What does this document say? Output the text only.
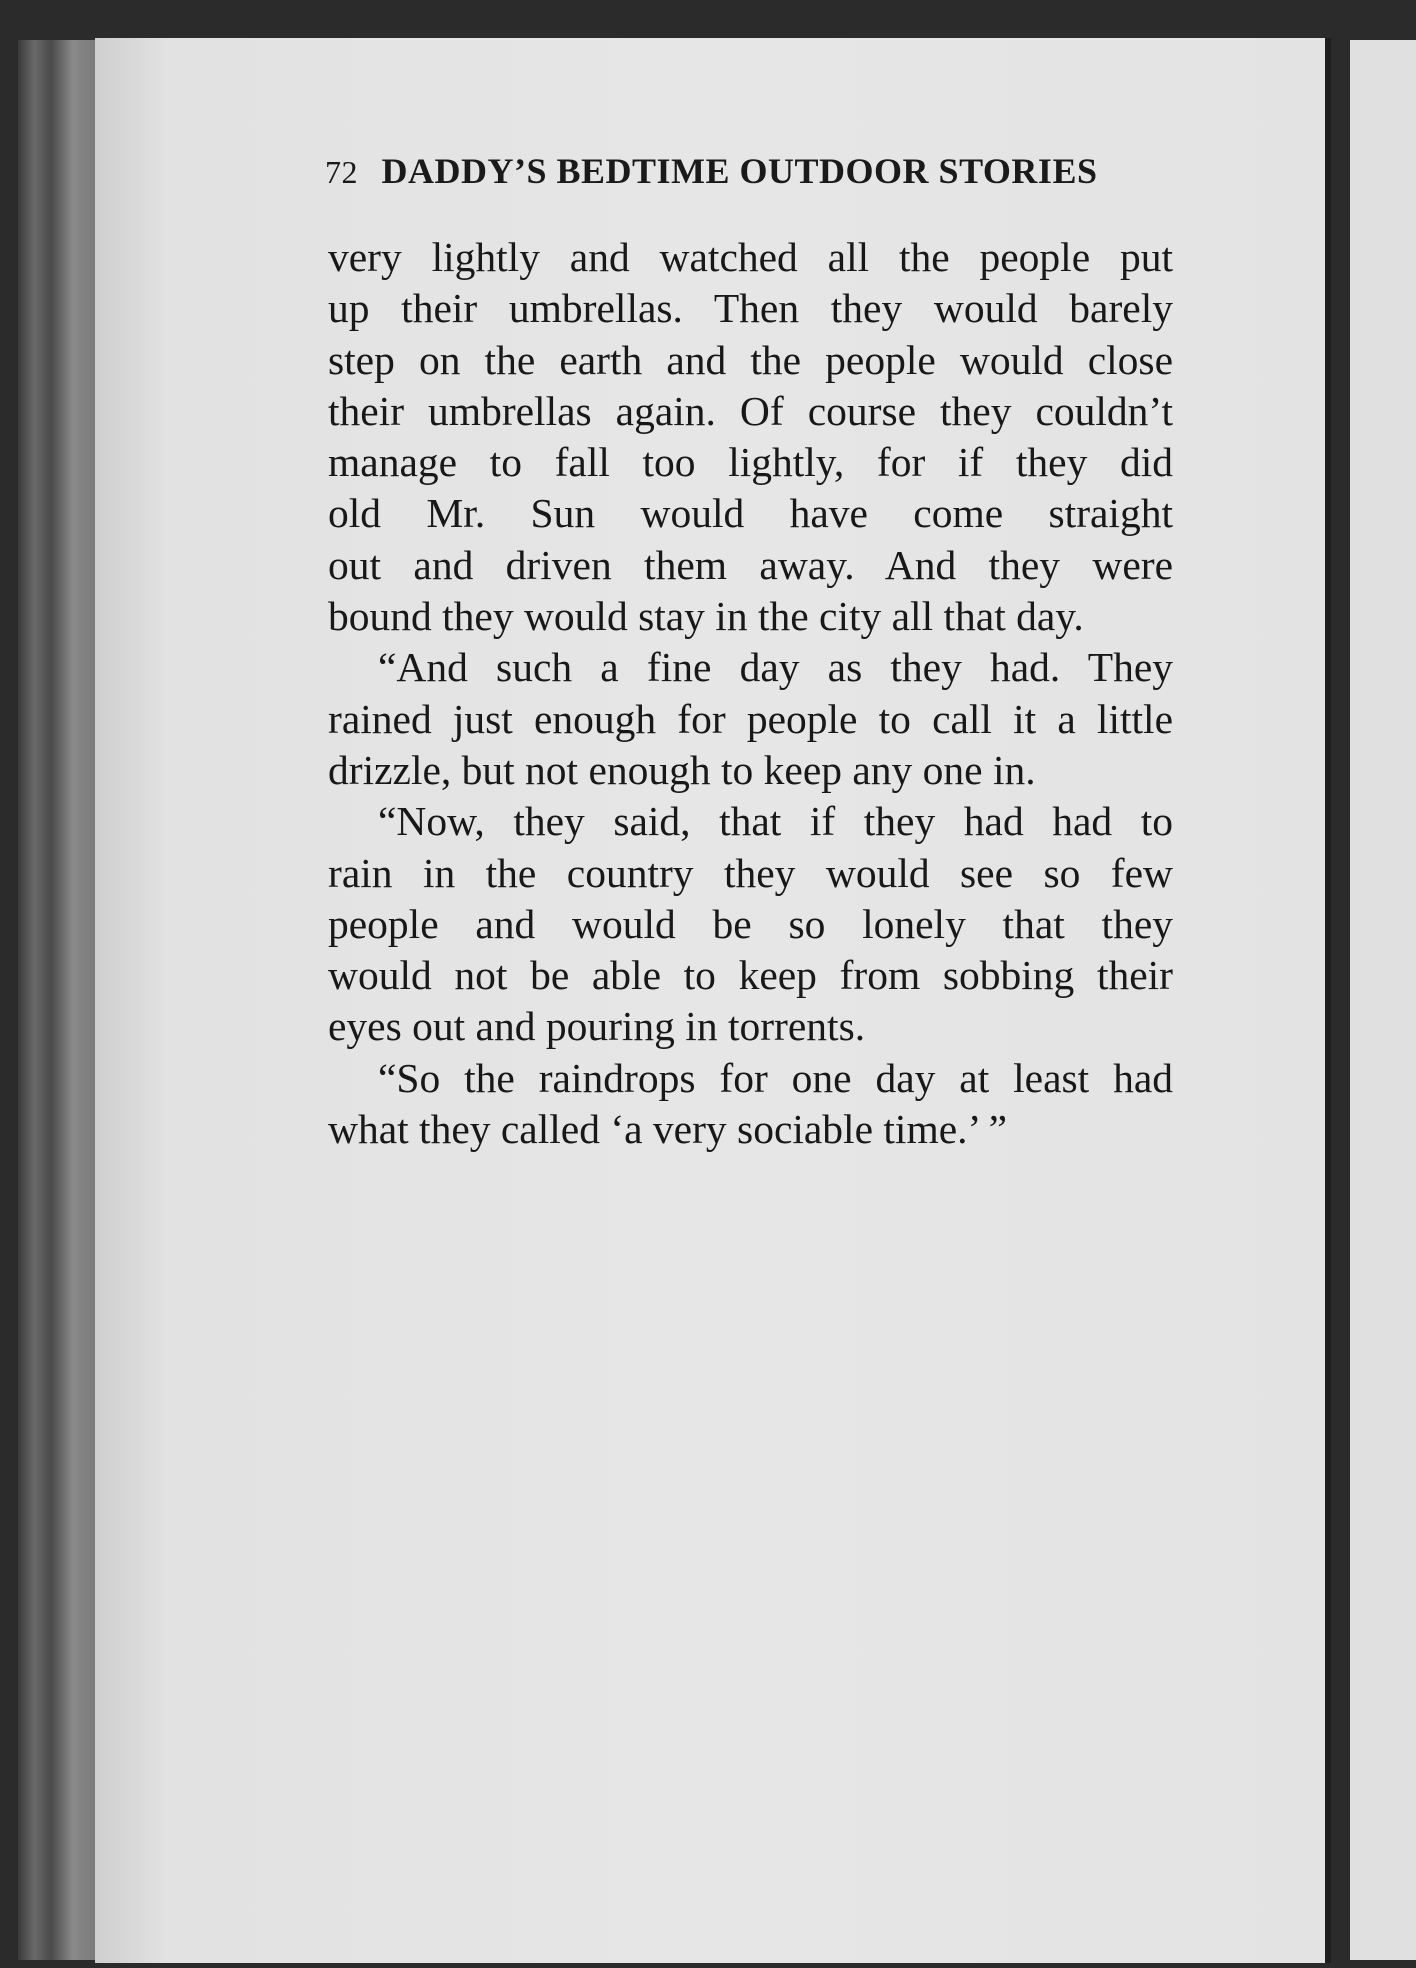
72 DADDY’S BEDTIME OUTDOOR STORIES
very lightly and watched all the people put
up their umbrellas. Then they would barely
step on the earth and the people would close
their umbrellas again. Of course they couldn’t
manage to fall too lightly, for if they did
old Mr. Sun would have come straight
out and driven them away. And they were
bound they would stay in the city all that day.
“And such a fine day as they had. They
rained just enough for people to call it a little
drizzle, but not enough to keep any one in.
“Now, they said, that if they had had to
rain in the country they would see so few
people and would be so lonely that they
would not be able to keep from sobbing their
eyes out and pouring in torrents.
“So the raindrops for one day at least had
what they called ‘a very sociable time.’ ”
